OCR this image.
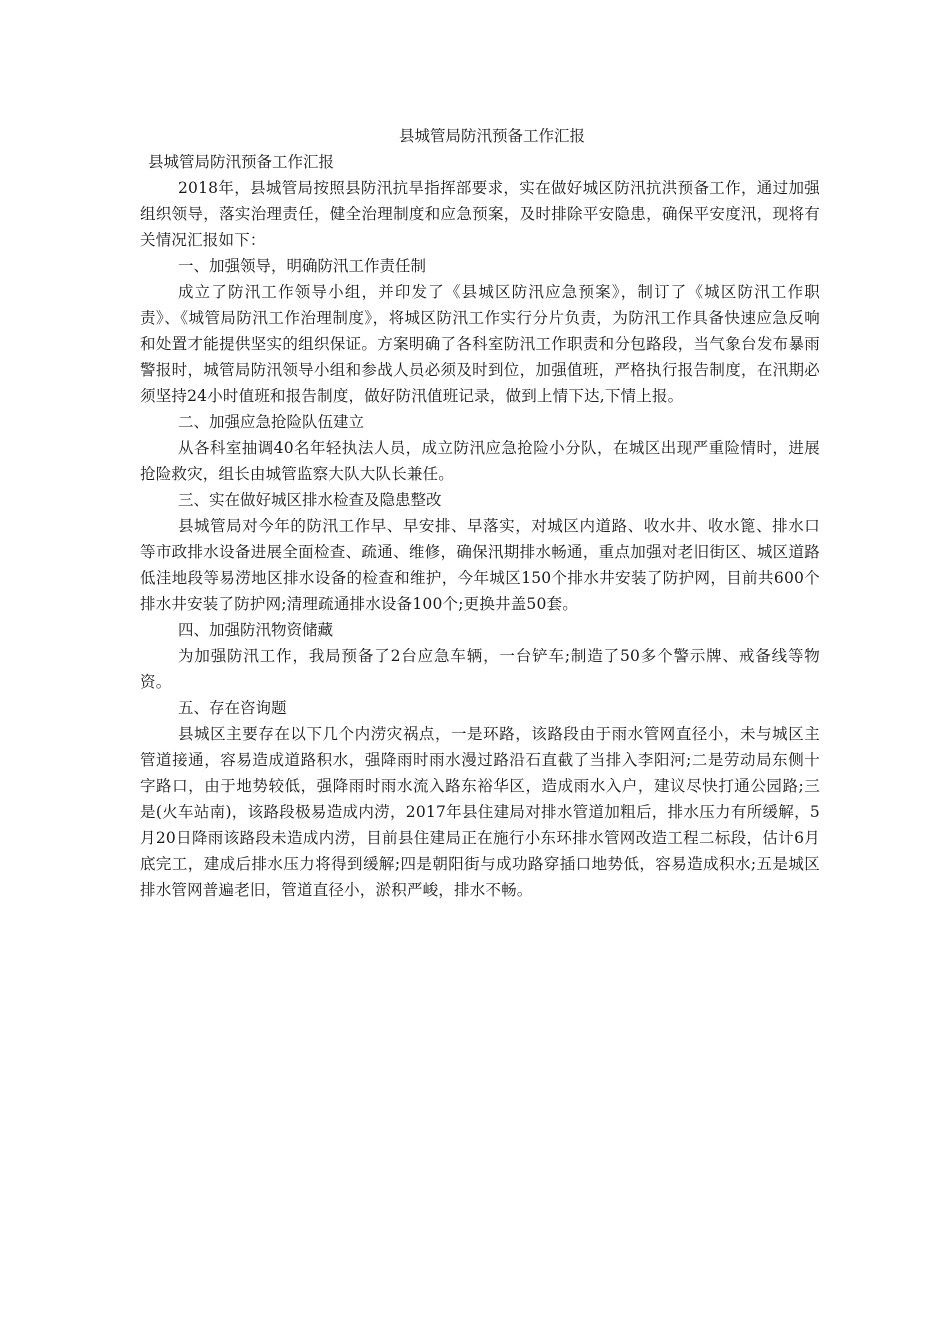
县城管局防汛预备工作汇报
县城管局防汛预备工作汇报

2018年，县城管局按照县防汛抗旱指挥部要求，实在做好城区防汛抗洪预备工作，通过加强组织领导，落实治理责任，健全治理制度和应急预案，及时排除平安隐患，确保平安度汛，现将有关情况汇报如下：

一、加强领导，明确防汛工作责任制

成立了防汛工作领导小组，并印发了《县城区防汛应急预案》，制订了《城区防汛工作职责》、《城管局防汛工作治理制度》，将城区防汛工作实行分片负责，为防汛工作具备快速应急反响和处置才能提供坚实的组织保证。方案明确了各科室防汛工作职责和分包路段，当气象台发布暴雨警报时，城管局防汛领导小组和参战人员必须及时到位，加强值班，严格执行报告制度，在汛期必须坚持24小时值班和报告制度，做好防汛值班记录，做到上情下达,下情上报。

二、加强应急抢险队伍建立

从各科室抽调40名年轻执法人员，成立防汛应急抢险小分队，在城区出现严重险情时，进展抢险救灾，组长由城管监察大队大队长兼任。

三、实在做好城区排水检查及隐患整改

县城管局对今年的防汛工作早、早安排、早落实，对城区内道路、收水井、收水篦、排水口等市政排水设备进展全面检查、疏通、维修，确保汛期排水畅通，重点加强对老旧街区、城区道路低洼地段等易涝地区排水设备的检查和维护，今年城区150个排水井安装了防护网，目前共600个排水井安装了防护网;清理疏通排水设备100个;更换井盖50套。

四、加强防汛物资储藏

为加强防汛工作，我局预备了2台应急车辆，一台铲车;制造了50多个警示牌、戒备线等物资。

五、存在咨询题

县城区主要存在以下几个内涝灾祸点，一是环路，该路段由于雨水管网直径小，未与城区主管道接通，容易造成道路积水，强降雨时雨水漫过路沿石直截了当排入李阳河;二是劳动局东侧十字路口，由于地势较低，强降雨时雨水流入路东裕华区，造成雨水入户，建议尽快打通公园路;三是(火车站南)，该路段极易造成内涝，2017年县住建局对排水管道加粗后，排水压力有所缓解，5月20日降雨该路段未造成内涝，目前县住建局正在施行小东环排水管网改造工程二标段，估计6月底完工，建成后排水压力将得到缓解;四是朝阳街与成功路穿插口地势低，容易造成积水;五是城区排水管网普遍老旧，管道直径小，淤积严峻，排水不畅。
